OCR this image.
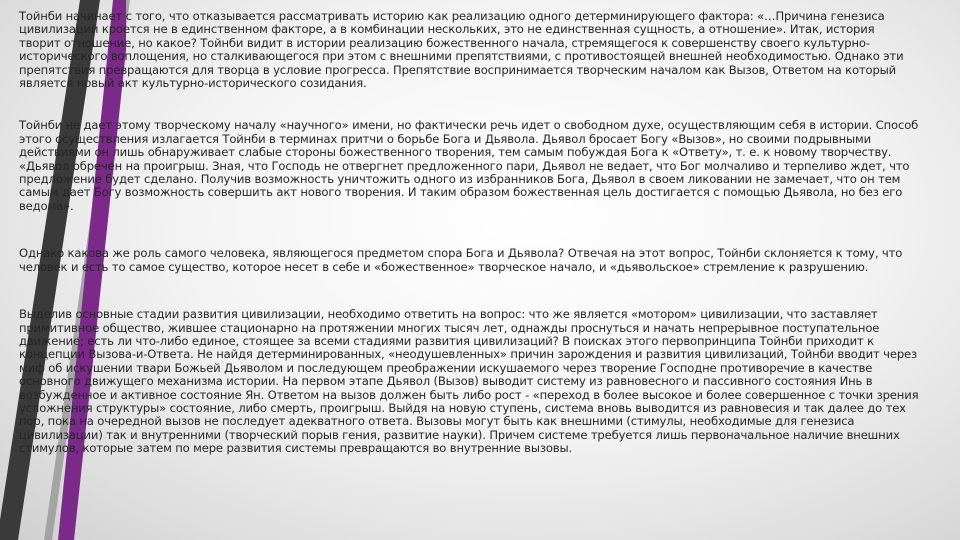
Тойнби начинает с того, что отказывается рассматривать историю как реализацию одного детерминирующего фактора: «…Причина генезиса цивилизаций кроется не в единственном факторе, а в комбинации нескольких, это не единственная сущность, а отношение». Итак, история творит отношение, но какое? Тойнби видит в истории реализацию божественного начала, стремящегося к совершенству своего культурно-исторического воплощения, но сталкивающегося при этом с внешними препятствиями, с противостоящей внешней необходимостью. Однако эти препятствия превращаются для творца в условие прогресса. Препятствие воспринимается творческим началом как Вызов, Ответом на который является новый акт культурно-исторического созидания.

Тойнби не дает этому творческому началу «научного» имени, но фактически речь идет о свободном духе, осуществляющим себя в истории. Способ этого осуществления излагается Тойнби в терминах притчи о борьбе Бога и Дьявола. Дьявол бросает Богу «Вызов», но своими подрывными действиями он лишь обнаруживает слабые стороны божественного творения, тем самым побуждая Бога к «Ответу», т. е. к новому творчеству. «Дьявол обречен на проигрыш. Зная, что Господь не отвергнет предложенного пари, Дьявол не ведает, что Бог молчаливо и терпеливо ждет, что предложение будет сделано. Получив возможность уничтожить одного из избранников Бога, Дьявол в своем ликовании не замечает, что он тем самым дает Богу возможность совершить акт нового творения. И таким образом божественная цель достигается с помощью Дьявола, но без его ведома».

Однако какова же роль самого человека, являющегося предметом спора Бога и Дьявола? Отвечая на этот вопрос, Тойнби склоняется к тому, что человек и есть то самое существо, которое несет в себе и «божественное» творческое начало, и «дьявольское» стремление к разрушению.

Выделив основные стадии развития цивилизации, необходимо ответить на вопрос: что же является «мотором» цивилизации, что заставляет примитивное общество, жившее стационарно на протяжении многих тысяч лет, однажды проснуться и начать непрерывное поступательное движение; есть ли что-либо единое, стоящее за всеми стадиями развития цивилизаций? В поисках этого первопринципа Тойнби приходит к концепции Вызова-и-Ответа. Не найдя детерминированных, «неодушевленных» причин зарождения и развития цивилизаций, Тойнби вводит через миф об искушении твари Божьей Дьяволом и последующем преображении искушаемого через творение Господне противоречие в качестве основного движущего механизма истории. На первом этапе Дьявол (Вызов) выводит систему из равновесного и пассивного состояния Инь в возбужденное и активное состояние Ян. Ответом на вызов должен быть либо рост - «переход в более высокое и более совершенное с точки зрения усложнения структуры» состояние, либо смерть, проигрыш. Выйдя на новую ступень, система вновь выводится из равновесия и так далее до тех пор, пока на очередной вызов не последует адекватного ответа. Вызовы могут быть как внешними (стимулы, необходимые для генезиса цивилизации) так и внутренними (творческий порыв гения, развитие науки). Причем системе требуется лишь первоначальное наличие внешних стимулов, которые затем по мере развития системы превращаются во внутренние вызовы.
